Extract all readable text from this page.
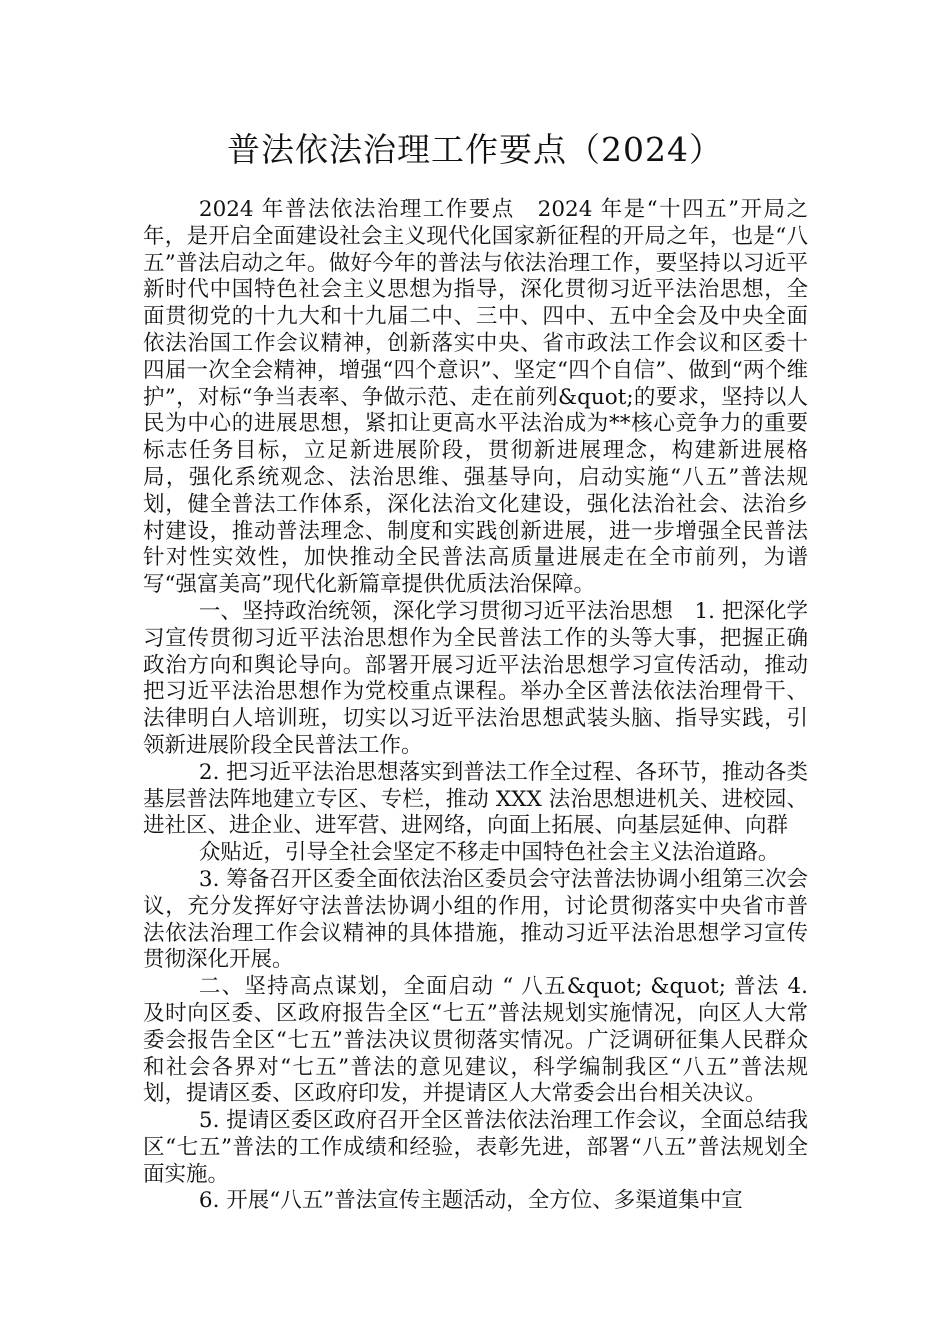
普法依法治理工作要点（2024）

2024 年普法依法治理工作要点　2024 年是“十四五”开局之年，是开启全面建设社会主义现代化国家新征程的开局之年，也是“八五”普法启动之年。做好今年的普法与依法治理工作，要坚持以习近平新时代中国特色社会主义思想为指导，深化贯彻习近平法治思想，全面贯彻党的十九大和十九届二中、三中、四中、五中全会及中央全面依法治国工作会议精神，创新落实中央、省市政法工作会议和区委十四届一次全会精神，增强“四个意识”、坚定“四个自信”、做到“两个维护”，对标“争当表率、争做示范、走在前列&quot;的要求，坚持以人民为中心的进展思想，紧扣让更高水平法治成为**核心竞争力的重要标志任务目标，立足新进展阶段，贯彻新进展理念，构建新进展格局，强化系统观念、法治思维、强基导向，启动实施“八五”普法规划，健全普法工作体系，深化法治文化建设，强化法治社会、法治乡村建设，推动普法理念、制度和实践创新进展，进一步增强全民普法针对性实效性，加快推动全民普法高质量进展走在全市前列，为谱写“强富美高”现代化新篇章提供优质法治保障。

一、坚持政治统领，深化学习贯彻习近平法治思想　1. 把深化学习宣传贯彻习近平法治思想作为全民普法工作的头等大事，把握正确政治方向和舆论导向。部署开展习近平法治思想学习宣传活动，推动把习近平法治思想作为党校重点课程。举办全区普法依法治理骨干、法律明白人培训班，切实以习近平法治思想武装头脑、指导实践，引领新进展阶段全民普法工作。

2. 把习近平法治思想落实到普法工作全过程、各环节，推动各类基层普法阵地建立专区、专栏，推动 XXX 法治思想进机关、进校园、进社区、进企业、进军营、进网络，向面上拓展、向基层延伸、向群

众贴近，引导全社会坚定不移走中国特色社会主义法治道路。

3. 筹备召开区委全面依法治区委员会守法普法协调小组第三次会议，充分发挥好守法普法协调小组的作用，讨论贯彻落实中央省市普法依法治理工作会议精神的具体措施，推动习近平法治思想学习宣传贯彻深化开展。

二、坚持高点谋划，全面启动 “ 八五&quot; &quot; 普法 4. 及时向区委、区政府报告全区“七五”普法规划实施情况，向区人大常委会报告全区“七五”普法决议贯彻落实情况。广泛调研征集人民群众和社会各界对“七五”普法的意见建议，科学编制我区“八五”普法规划，提请区委、区政府印发，并提请区人大常委会出台相关决议。

5. 提请区委区政府召开全区普法依法治理工作会议，全面总结我区“七五”普法的工作成绩和经验，表彰先进，部署“八五”普法规划全面实施。

6. 开展“八五”普法宣传主题活动，全方位、多渠道集中宣
